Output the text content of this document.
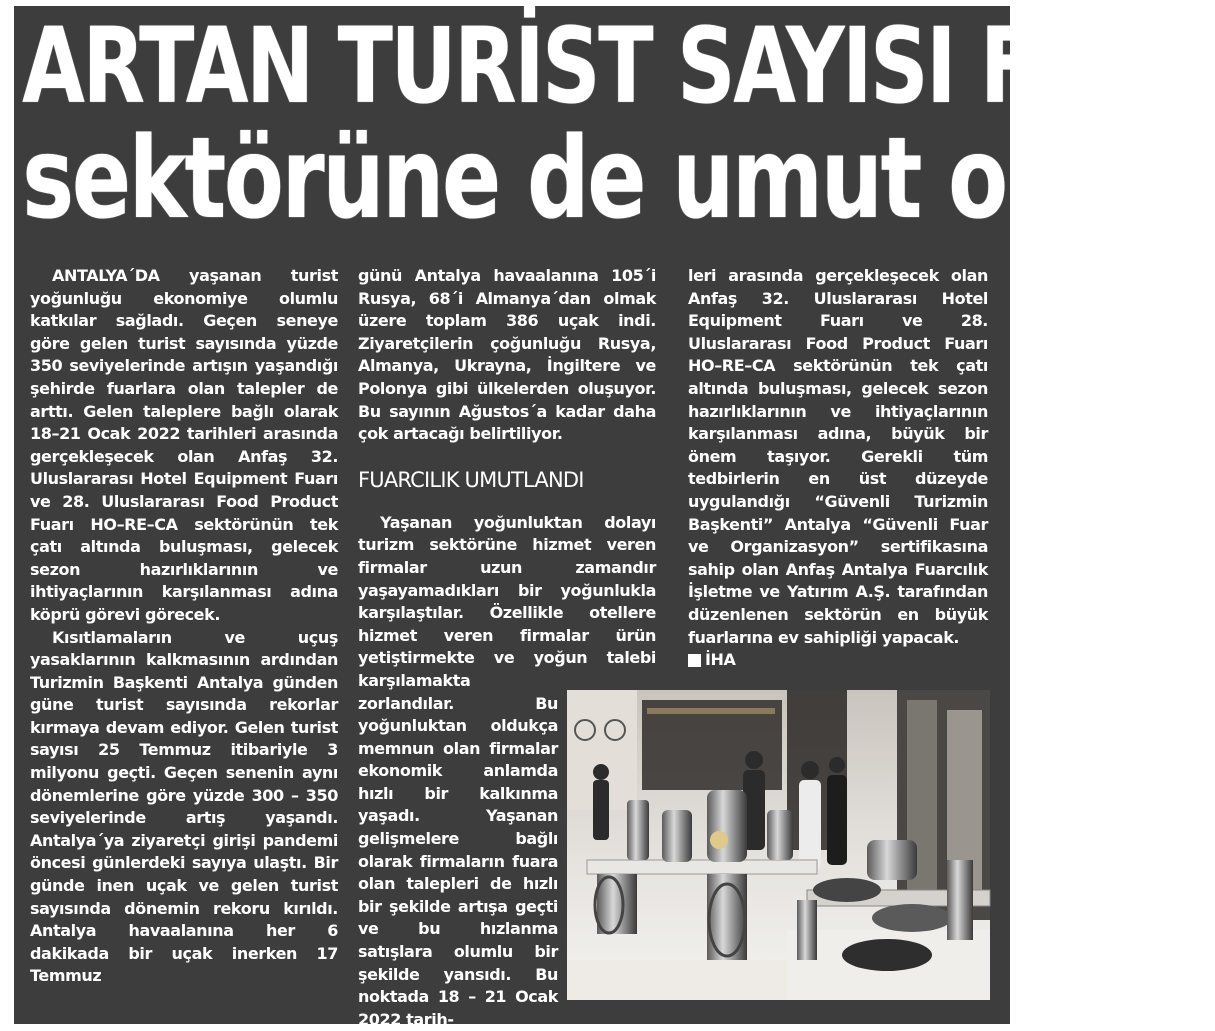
ARTAN TURİST SAYISI FUAR
sektörüne de umut oldu

ANTALYA´DA yaşanan turist yoğunluğu ekonomiye olumlu katkılar sağladı. Geçen seneye göre gelen turist sayısında yüzde 350 seviyelerinde artışın yaşandığı şehirde fuarlara olan talepler de arttı. Gelen taleplere bağlı olarak 18–21 Ocak 2022 tarihleri arasında gerçekleşecek olan Anfaş 32. Uluslararası Hotel Equipment Fuarı ve 28. Uluslararası Food Product Fuarı HO–RE–CA sektörünün tek çatı altında buluşması, gelecek sezon hazırlıklarının ve ihtiyaçlarının karşılanması adına köprü görevi görecek.

Kısıtlamaların ve uçuş yasaklarının kalkmasının ardından Turizmin Başkenti Antalya günden güne turist sayısında rekorlar kırmaya devam ediyor. Gelen turist sayısı 25 Temmuz itibariyle 3 milyonu geçti. Geçen senenin aynı dönemlerine göre yüzde 300 – 350 seviyelerinde artış yaşandı. Antalya´ya ziyaretçi girişi pandemi öncesi günlerdeki sayıya ulaştı. Bir günde inen uçak ve gelen turist sayısında dönemin rekoru kırıldı. Antalya havaalanına her 6 dakikada bir uçak inerken 17 Temmuz

günü Antalya havaalanına 105´i Rusya, 68´i Almanya´dan olmak üzere toplam 386 uçak indi. Ziyaretçilerin çoğunluğu Rusya, Almanya, Ukrayna, İngiltere ve Polonya gibi ülkelerden oluşuyor. Bu sayının Ağustos´a kadar daha çok artacağı belirtiliyor.

FUARCILIK UMUTLANDI

Yaşanan yoğunluktan dolayı turizm sektörüne hizmet veren firmalar uzun zamandır yaşayamadıkları bir yoğunlukla karşılaştılar. Özellikle otellere hizmet veren firmalar ürün yetiştirmekte ve yoğun talebi karşılamakta

zorlandılar. Bu yoğunluktan oldukça memnun olan firmalar ekonomik anlamda hızlı bir kalkınma yaşadı. Yaşanan gelişmelere bağlı olarak firmaların fuara olan talepleri de hızlı bir şekilde artışa geçti ve bu hızlanma satışlara olumlu bir şekilde yansıdı. Bu noktada 18 – 21 Ocak 2022 tarih-

leri arasında gerçekleşecek olan Anfaş 32. Uluslararası Hotel Equipment Fuarı ve 28. Uluslararası Food Product Fuarı HO–RE–CA sektörünün tek çatı altında buluşması, gelecek sezon hazırlıklarının ve ihtiyaçlarının karşılanması adına, büyük bir önem taşıyor. Gerekli tüm tedbirlerin en üst düzeyde uygulandığı “Güvenli Turizmin Başkenti” Antalya “Güvenli Fuar ve Organizasyon” sertifikasına sahip olan Anfaş Antalya Fuarcılık İşletme ve Yatırım A.Ş. tarafından düzenlenen sektörün en büyük fuarlarına ev sahipliği yapacak.

İHA
